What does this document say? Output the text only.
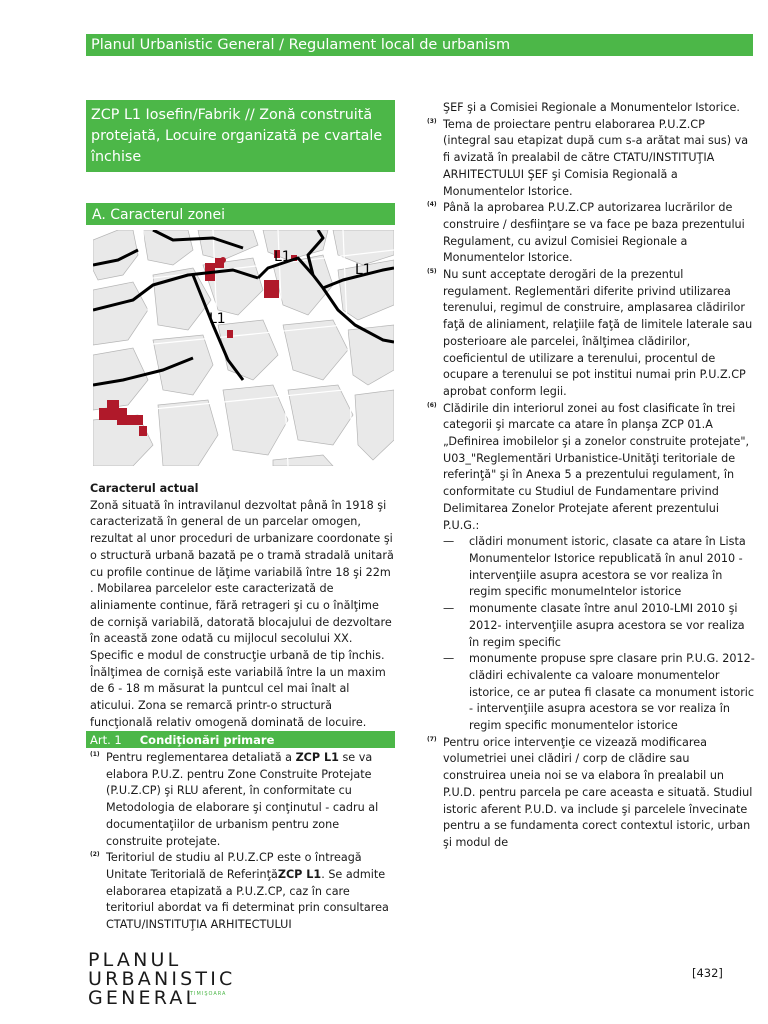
Planul Urbanistic General / Regulament local de urbanism
ZCP L1 Iosefin/Fabrik // Zonă construită protejată, Locuire organizată pe cvartale închise
A. Caracterul zonei
L1
L1
L1

Caracterul actual

Zonă situată în intravilanul dezvoltat până în 1918 şi caracterizată în general de un parcelar omogen, rezultat al unor proceduri de urbanizare coordonate şi o structură urbană bazată pe o tramă stradală unitară cu profile continue de lăţime variabilă între 18 şi 22m . Mobilarea parcelelor este caracterizată de aliniamente continue, fără retrageri şi cu o înălţime de cornişă variabilă, datorată blocajului de dezvoltare în această zone odată cu mijlocul secolului XX. Specific e modul de construcţie urbană de tip închis. Înălţimea de cornişă este variabilă între la un maxim de 6 - 18 m măsurat la puntcul cel mai înalt al aticului. Zona se remarcă printr-o structură funcţională relativ omogenă dominată de locuire.

Art. 1 Condiţionări primare

(1) Pentru reglementarea detaliată a ZCP L1 se va elabora P.U.Z. pentru Zone Construite Protejate (P.U.Z.CP) şi RLU aferent, în conformitate cu Metodologia de elaborare şi conţinutul - cadru al documentaţiilor de urbanism pentru zone construite protejate.

(2) Teritoriul de studiu al P.U.Z.CP este o întreagă Unitate Teritorială de ReferinţăZCP L1. Se admite elaborarea etapizată a P.U.Z.CP, caz în care teritoriul abordat va fi determinat prin consultarea CTATU/INSTITUŢIA ARHITECTULUI

ŞEF şi a Comisiei Regionale a Monumentelor Istorice.

(3) Tema de proiectare pentru elaborarea P.U.Z.CP (integral sau etapizat după cum s-a arătat mai sus) va fi avizată în prealabil de către CTATU/INSTITUŢIA ARHITECTULUI ŞEF şi Comisia Regională a Monumentelor Istorice.

(4) Până la aprobarea P.U.Z.CP autorizarea lucrărilor de construire / desfiinţare se va face pe baza prezentului Regulament, cu avizul Comisiei Regionale a Monumentelor Istorice.

(5) Nu sunt acceptate derogări de la prezentul regulament. Reglementări diferite privind utilizarea terenului, regimul de construire, amplasarea clădirilor faţă de aliniament, relaţiile faţă de limitele laterale sau posterioare ale parcelei, înălţimea clădirilor, coeficientul de utilizare a terenului, procentul de ocupare a terenului se pot institui numai prin P.U.Z.CP aprobat conform legii.

(6) Clădirile din interiorul zonei au fost clasificate în trei categorii şi marcate ca atare în planşa ZCP 01.A „Definirea imobilelor şi a zonelor construite protejate", U03_"Reglementări Urbanistice-Unităţi teritoriale de referinţă" şi în Anexa 5 a prezentului regulament, în conformitate cu Studiul de Fundamentare privind Delimitarea Zonelor Protejate aferent prezentului P.U.G.:

— clădiri monument istoric, clasate ca atare în Lista Monumentelor Istorice republicată în anul 2010 - intervenţiile asupra acestora se vor realiza în regim specific monumeInteIor istorice
— monumente clasate între anul 2010-LMI 2010 şi 2012- intervenţiile asupra acestora se vor realiza în regim specific
— monumente propuse spre clasare prin P.U.G. 2012-clădiri echivalente ca valoare monumentelor istorice, ce ar putea fi clasate ca monument istoric - intervenţiile asupra acestora se vor realiza în regim specific monumentelor istorice

(7) Pentru orice intervenţie ce vizează modificarea volumetriei unei clădiri / corp de clădire sau construirea uneia noi se va elabora în prealabil un P.U.D. pentru parcela pe care aceasta e situată. Studiul istoric aferent P.U.D. va include şi parcelele învecinate pentru a se fundamenta corect contextul istoric, urban şi modul de

PLANUL
URBANISTIC
GENERAL
TIMIŞOARA
[432]
